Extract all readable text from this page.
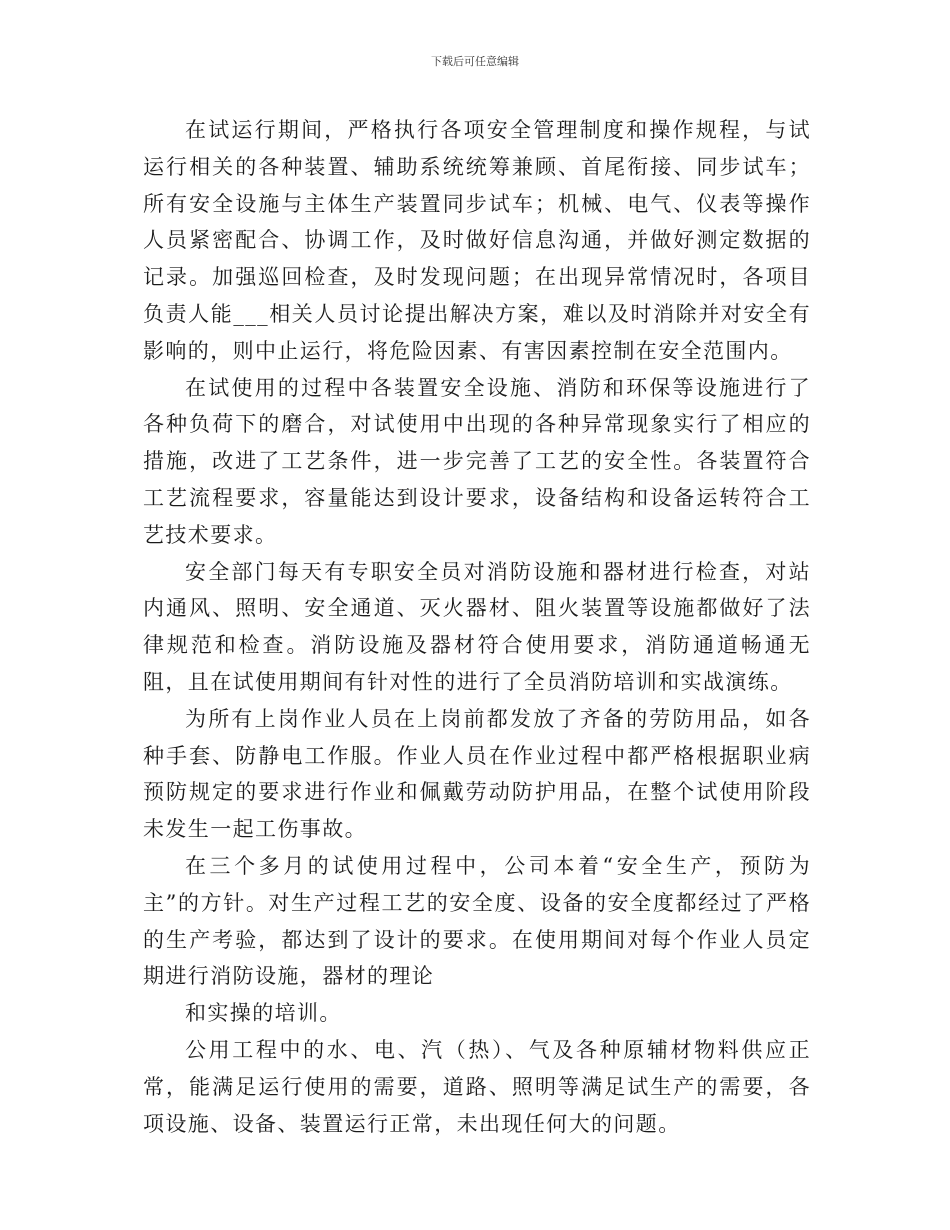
下载后可任意编辑

在试运行期间，严格执行各项安全管理制度和操作规程，与试运行相关的各种装置、辅助系统统筹兼顾、首尾衔接、同步试车；所有安全设施与主体生产装置同步试车；机械、电气、仪表等操作人员紧密配合、协调工作，及时做好信息沟通，并做好测定数据的记录。加强巡回检查，及时发现问题；在出现异常情况时，各项目负责人能___相关人员讨论提出解决方案，难以及时消除并对安全有影响的，则中止运行，将危险因素、有害因素控制在安全范围内。

在试使用的过程中各装置安全设施、消防和环保等设施进行了各种负荷下的磨合，对试使用中出现的各种异常现象实行了相应的措施，改进了工艺条件，进一步完善了工艺的安全性。各装置符合工艺流程要求，容量能达到设计要求，设备结构和设备运转符合工艺技术要求。

安全部门每天有专职安全员对消防设施和器材进行检查，对站内通风、照明、安全通道、灭火器材、阻火装置等设施都做好了法律规范和检查。消防设施及器材符合使用要求，消防通道畅通无阻，且在试使用期间有针对性的进行了全员消防培训和实战演练。

为所有上岗作业人员在上岗前都发放了齐备的劳防用品，如各种手套、防静电工作服。作业人员在作业过程中都严格根据职业病预防规定的要求进行作业和佩戴劳动防护用品，在整个试使用阶段未发生一起工伤事故。

在三个多月的试使用过程中，公司本着“安全生产，预防为主”的方针。对生产过程工艺的安全度、设备的安全度都经过了严格的生产考验，都达到了设计的要求。在使用期间对每个作业人员定期进行消防设施，器材的理论

和实操的培训。

公用工程中的水、电、汽（热）、气及各种原辅材物料供应正常，能满足运行使用的需要，道路、照明等满足试生产的需要，各项设施、设备、装置运行正常，未出现任何大的问题。
